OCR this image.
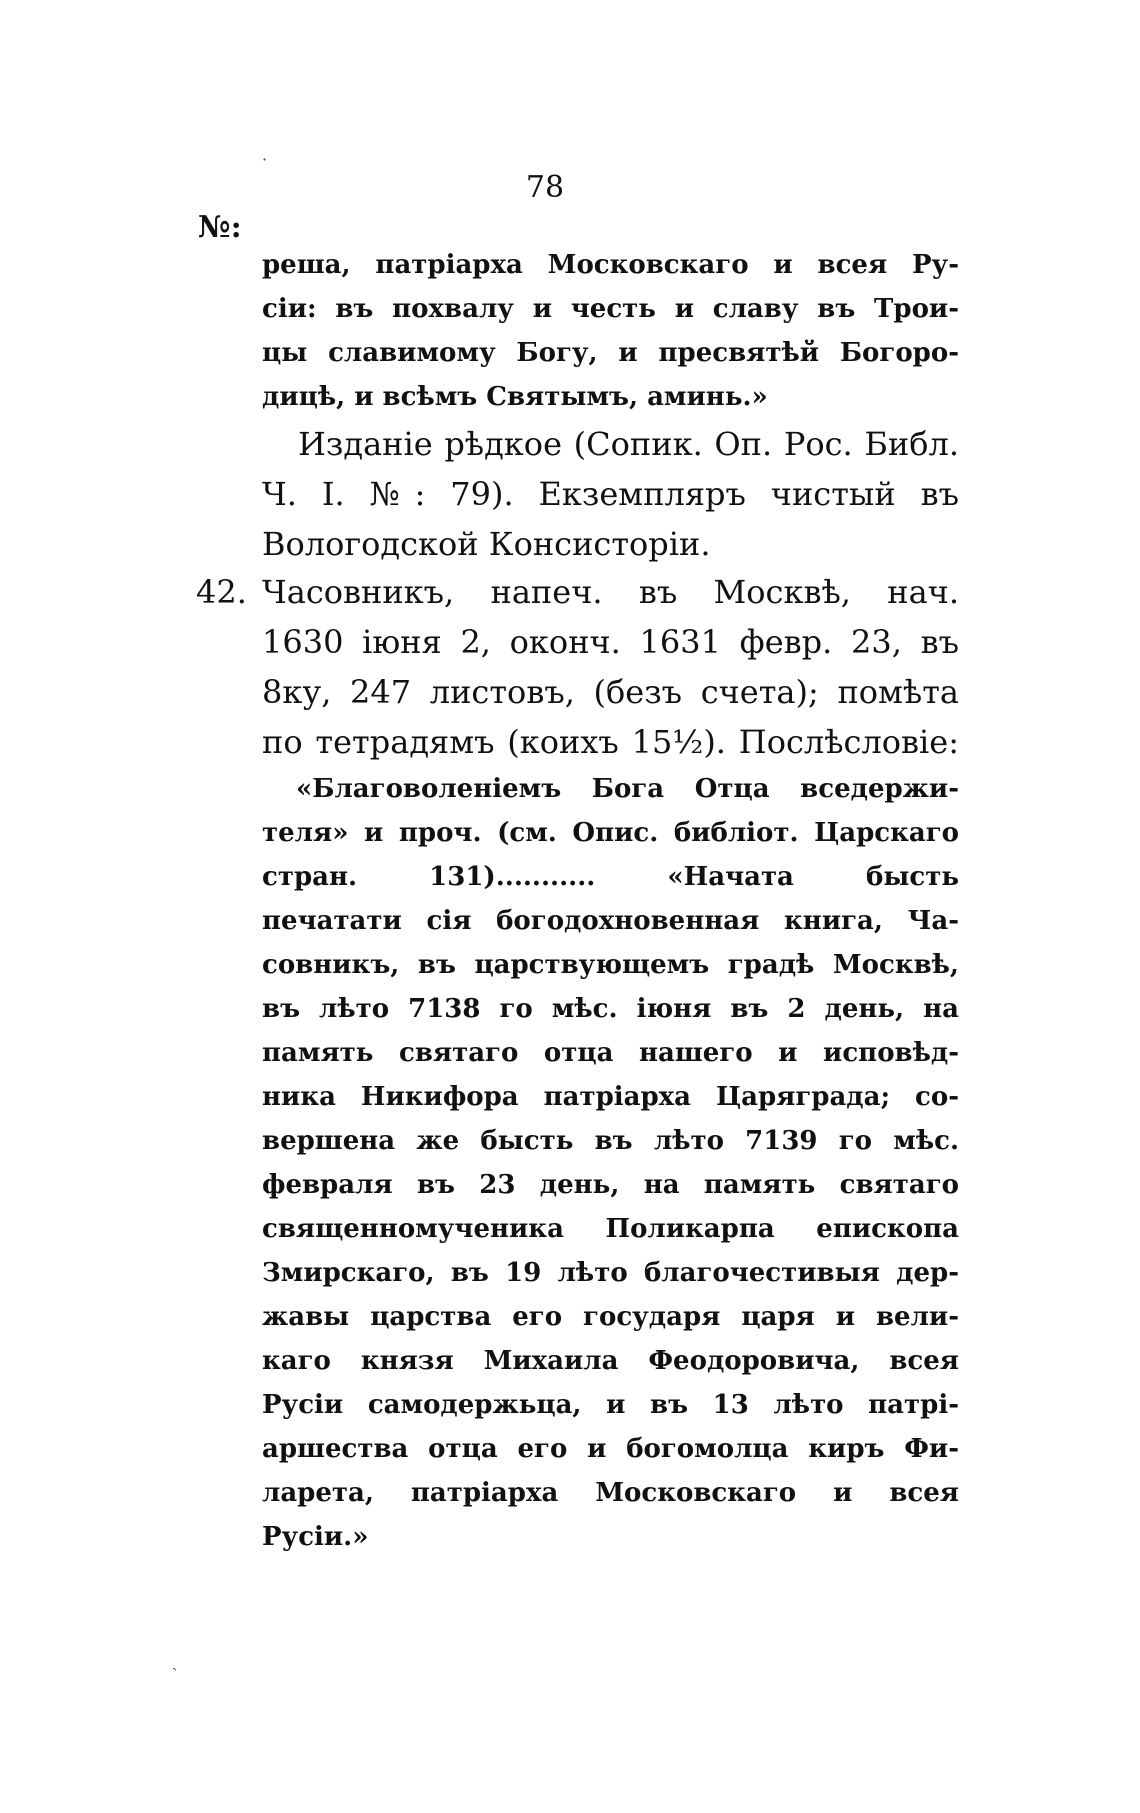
78
№:
·
ˏ
реша, патріарха Московскаго и всея Ру-
сіи: въ похвалу и честь и славу въ Трои-
цы славимому Богу, и пресвятѣй Богоро-
дицѣ, и всѣмъ Святымъ, аминь.»
Изданіе рѣдкое (Сопик. Оп. Рос. Библ.
Ч. I. №: 79). Екземпляръ чистый въ
Вологодской Консисторіи.
42. Часовникъ, напеч. въ Москвѣ, нач.
1630 іюня 2, оконч. 1631 февр. 23, въ
8ку, 247 листовъ, (безъ счета); помѣта
по тетрадямъ (коихъ 15½). Послѣсловіе:
«Благоволеніемъ Бога Отца вседержи-
теля» и проч. (см. Опис. библіот. Царскаго
стран. 131)........... «Начата бысть
печатати сія богодохновенная книга, Ча-
совникъ, въ царствующемъ градѣ Москвѣ,
въ лѣто 7138 го мѣс. іюня въ 2 день, на
память святаго отца нашего и исповѣд-
ника Никифора патріарха Царяграда; со-
вершена же бысть въ лѣто 7139 го мѣс.
февраля въ 23 день, на память святаго
священномученика Поликарпа епископа
Змирскаго, въ 19 лѣто благочестивыя дер-
жавы царства его государя царя и вели-
каго князя Михаила Феодоровича, всея
Русіи самодержьца, и въ 13 лѣто патрі-
аршества отца его и богомолца киръ Фи-
ларета, патріарха Московскаго и всея
Русіи.»
